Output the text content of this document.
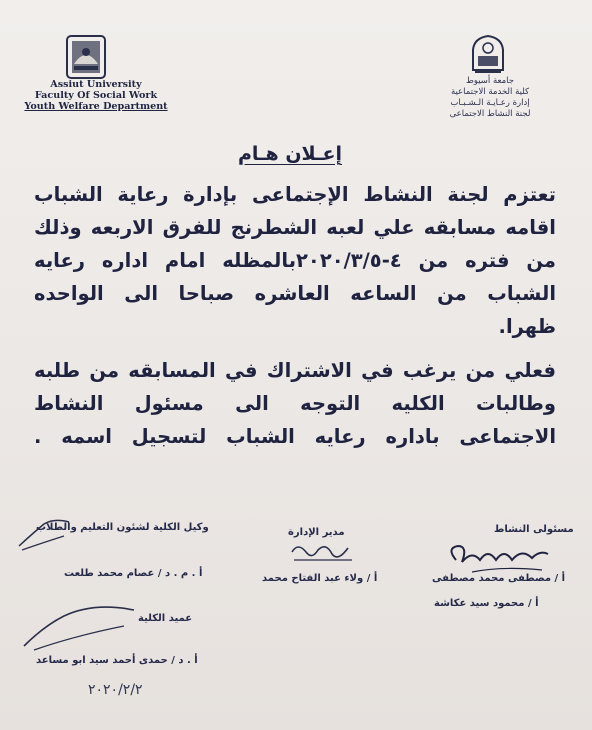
Assiut University
Faculty Of Social Work
Youth Welfare Department
جامعة أسيوط
كلية الخدمة الاجتماعية
إدارة رعـايـة الـشـبـاب
لجنة النشاط الاجتماعى
إعـلان هـام
تعتزم لجنة النشاط الإجتماعى بإدارة رعاية الشباب
اقامه مسابقه علي لعبه الشطرنج للفرق الاربعه وذلك
من فتره من ٤-٢٠٢٠/٣/٥بالمظله امام اداره رعايه
الشباب من الساعه العاشره صباحا الى الواحده
ظهرا.
فعلي من يرغب في الاشتراك في المسابقه من طلبه
وطالبات الكليه التوجه الى مسئول النشاط
الاجتماعى باداره رعايه الشباب لتسجيل اسمه .
وكيل الكلية لشئون التعليم والطلاب
أ . م . د / عصام محمد طلعت
مدير الإدارة
أ / ولاء عبد الفتاح محمد
مسئولى النشاط
أ / مصطفى محمد مصطفى
أ / محمود سيد عكاشة
عميد الكلية
أ . د / حمدى أحمد سيد ابو مساعد
٢٠٢٠/٢/٢
